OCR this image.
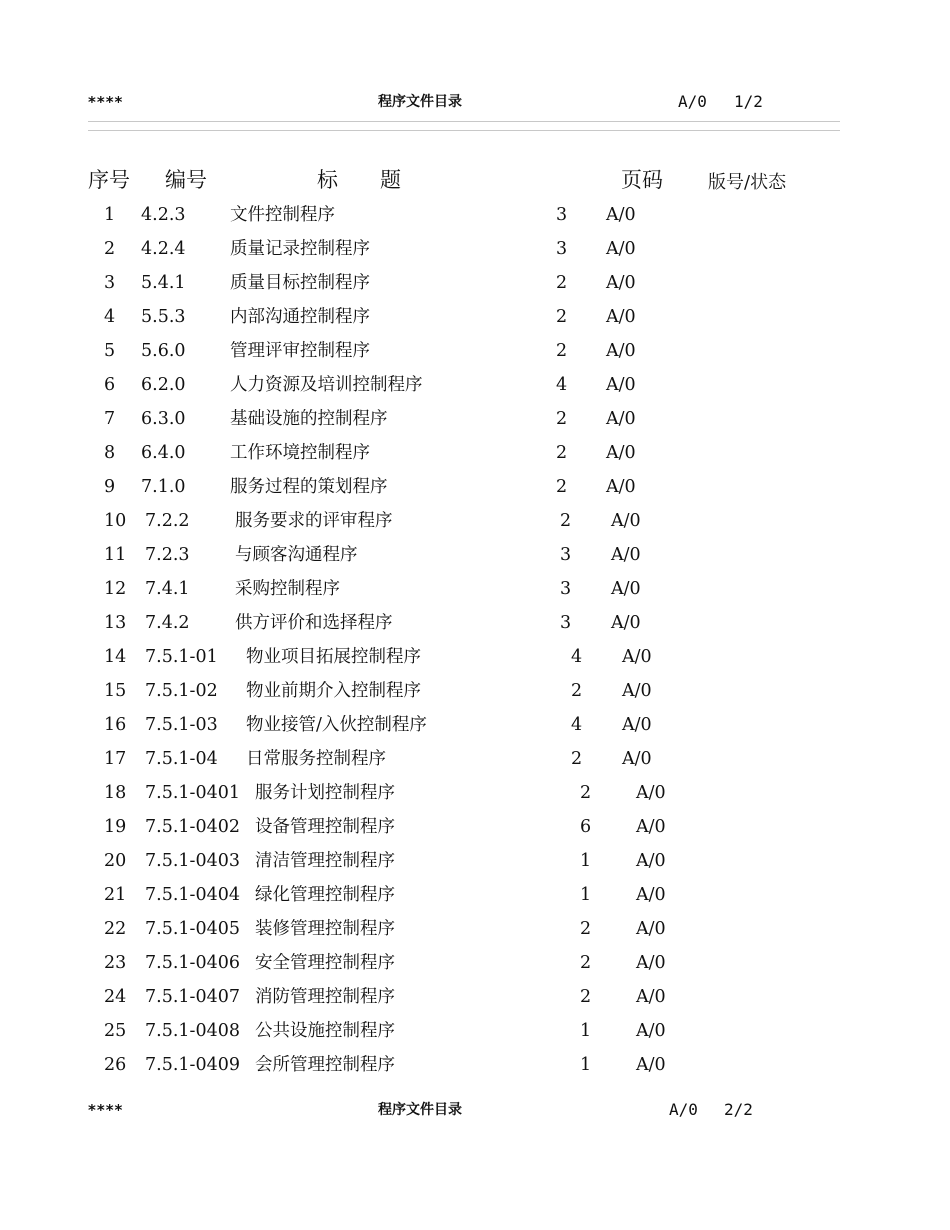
****	程序文件目录	A/0 1/2
序号 编号	标　　题	页码	版号/状态
1 4.2.3	文件控制程序	3 A/0
2 4.2.4	质量记录控制程序	3 A/0
3 5.4.1	质量目标控制程序	2 A/0
4 5.5.3	内部沟通控制程序	2 A/0
5 5.6.0	管理评审控制程序	2 A/0
6 6.2.0	人力资源及培训控制程序	4 A/0
7 6.3.0	基础设施的控制程序	2 A/0
8 6.4.0	工作环境控制程序	2 A/0
9 7.1.0	服务过程的策划程序	2 A/0
10 7.2.2	服务要求的评审程序	2 A/0
11 7.2.3	与顾客沟通程序	3 A/0
12 7.4.1	采购控制程序	3 A/0
13 7.4.2	供方评价和选择程序	3 A/0
14 7.5.1-01 物业项目拓展控制程序	4 A/0
15 7.5.1-02 物业前期介入控制程序	2 A/0
16 7.5.1-03 物业接管/入伙控制程序	4 A/0
17 7.5.1-04 日常服务控制程序	2 A/0
18 7.5.1-0401 服务计划控制程序	2	A/0
19 7.5.1-0402 设备管理控制程序	6	A/0
20 7.5.1-0403 清洁管理控制程序	1	A/0
21 7.5.1-0404 绿化管理控制程序	1	A/0
22 7.5.1-0405 装修管理控制程序	2	A/0
23 7.5.1-0406 安全管理控制程序	2	A/0
24 7.5.1-0407 消防管理控制程序	2	A/0
25 7.5.1-0408 公共设施控制程序	1	A/0
26 7.5.1-0409 会所管理控制程序	1	A/0
****	程序文件目录	A/0 2/2
